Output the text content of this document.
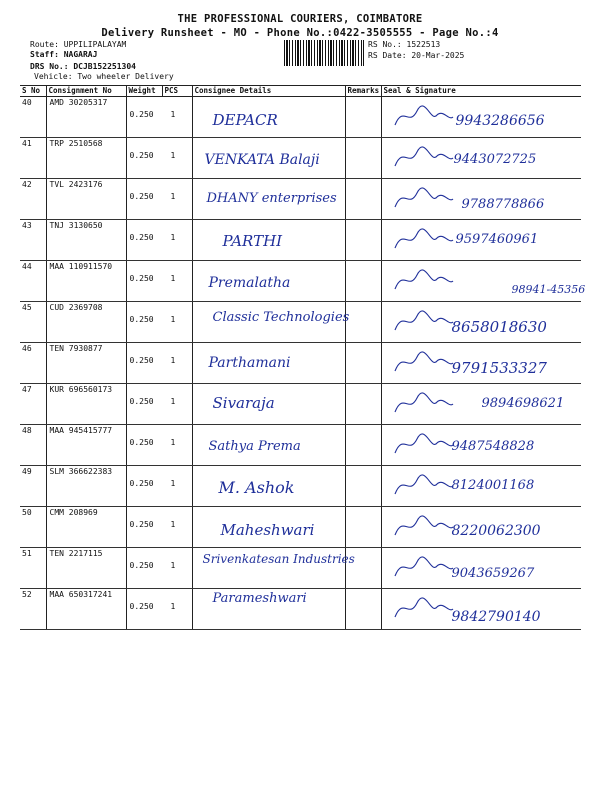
THE PROFESSIONAL COURIERS, COIMBATORE
Delivery Runsheet - MO - Phone No.:0422-3505555 - Page No.:4
Route: UPPILIPALAYAM
Staff: NAGARAJ
DRS No.: DCJB152251304
Vehicle: Two wheeler Delivery
RS No.: 1522513
RS Date: 20-Mar-2025
S No	Consignment No	Weight	PCS	Consignee Details	Remarks	Seal & Signature
40	AMD 30205317	0.250 1		DEPACR		9943286656

41	TRP 2510568	0.250 1		VENKATA Balaji		9443072725

42	TVL 2423176	0.250 1		DHANY enterprises		9788778866

43	TNJ 3130650	0.250 1		PARTHI		9597460961

44	MAA 110911570	0.250 1		Premalatha		98941-45356

45	CUD 2369708	0.250 1		Classic Technologies		8658018630

46	TEN 7930877	0.250 1		Parthamani		9791533327

47	KUR 696560173	0.250 1		Sivaraja		9894698621

48	MAA 945415777	0.250 1		Sathya Prema		9487548828

49	SLM 366622383	0.250 1		M. Ashok		8124001168

50	CMM 208969	0.250 1		Maheshwari		8220062300

51	TEN 2217115	0.250 1		Srivenkatesan Industries		9043659267

52	MAA 650317241	0.250 1		Parameshwari		9842790140
